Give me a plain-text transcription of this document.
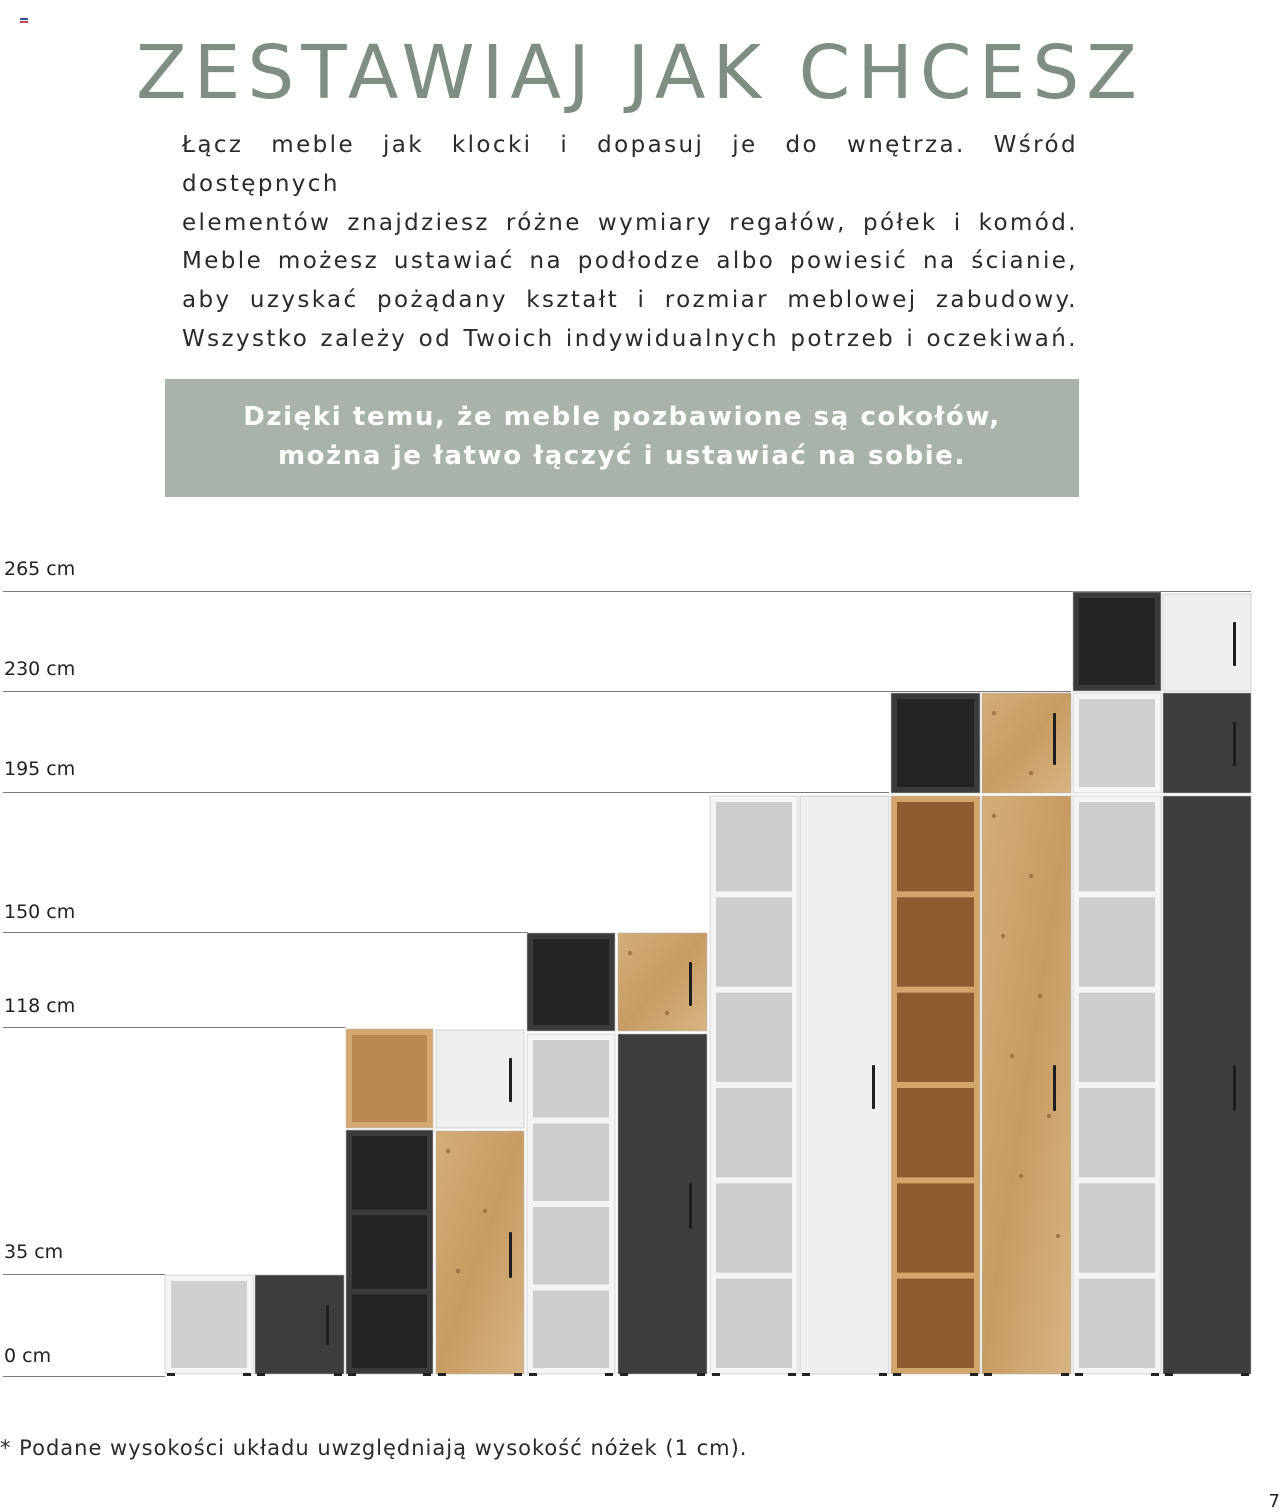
ZESTAWIAJ JAK CHCESZ

Łącz meble jak klocki i dopasuj je do wnętrza. Wśród dostępnych
elementów znajdziesz różne wymiary regałów, półek i komód.
Meble możesz ustawiać na podłodze albo powiesić na ścianie,
aby uzyskać pożądany kształt i rozmiar meblowej zabudowy.
Wszystko zależy od Twoich indywidualnych potrzeb i oczekiwań.

Dzięki temu, że meble pozbawione są cokołów,
można je łatwo łączyć i ustawiać na sobie.
265 cm
230 cm
195 cm
150 cm
118 cm
35 cm
0 cm
* Podane wysokości układu uwzględniają wysokość nóżek (1 cm).
7
